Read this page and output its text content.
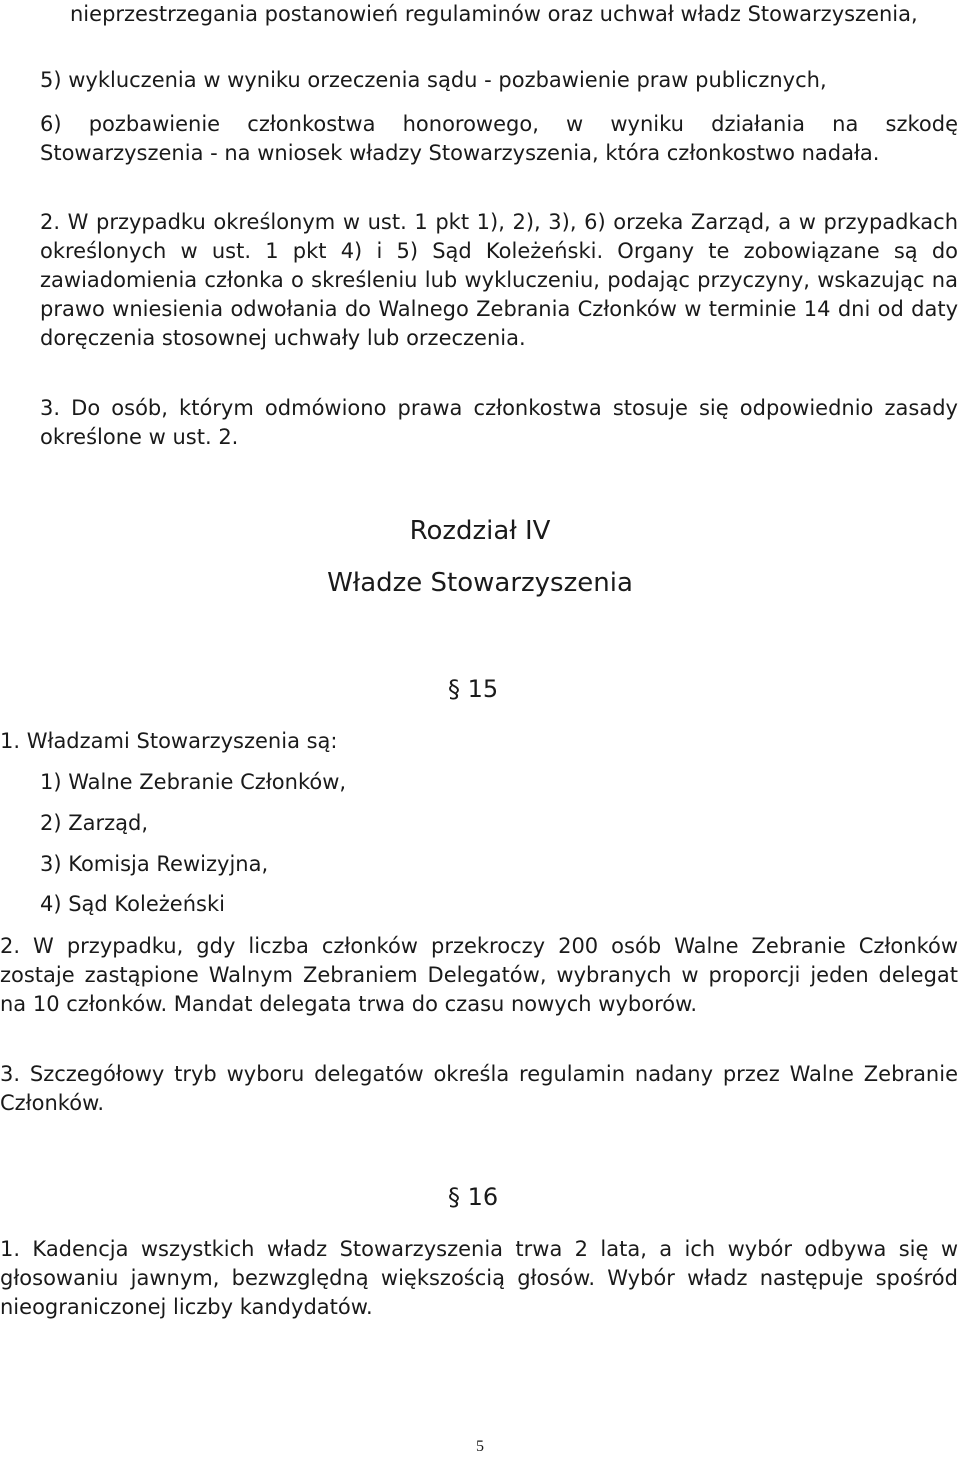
nieprzestrzegania postanowień regulaminów oraz uchwał władz Stowarzyszenia,

5) wykluczenia w wyniku orzeczenia sądu - pozbawienie praw publicznych,

6) pozbawienie członkostwa honorowego, w wyniku działania na szkodę Stowarzyszenia - na wniosek władzy Stowarzyszenia, która członkostwo nadała.

2. W przypadku określonym w ust. 1 pkt 1), 2), 3), 6) orzeka Zarząd, a w przypadkach określonych w ust. 1 pkt 4) i 5) Sąd Koleżeński. Organy te zobowiązane są do zawiadomienia członka o skreśleniu lub wykluczeniu, podając przyczyny, wskazując na prawo wniesienia odwołania do Walnego Zebrania Członków w terminie 14 dni od daty doręczenia stosownej uchwały lub orzeczenia.

3. Do osób, którym odmówiono prawa członkostwa stosuje się odpowiednio zasady określone w ust. 2.

Rozdział IV

Władze Stowarzyszenia

§ 15

1. Władzami Stowarzyszenia są:

1) Walne Zebranie Członków,

2) Zarząd,

3) Komisja Rewizyjna,

4) Sąd Koleżeński

2. W przypadku, gdy liczba członków przekroczy 200 osób Walne Zebranie Członków zostaje zastąpione Walnym Zebraniem Delegatów, wybranych w proporcji jeden delegat na 10 członków. Mandat delegata trwa do czasu nowych wyborów.

3. Szczegółowy tryb wyboru delegatów określa regulamin nadany przez Walne Zebranie Członków.

§ 16

1. Kadencja wszystkich władz Stowarzyszenia trwa 2 lata, a ich wybór odbywa się w głosowaniu jawnym, bezwzględną większością głosów. Wybór władz następuje spośród nieograniczonej liczby kandydatów.

5
